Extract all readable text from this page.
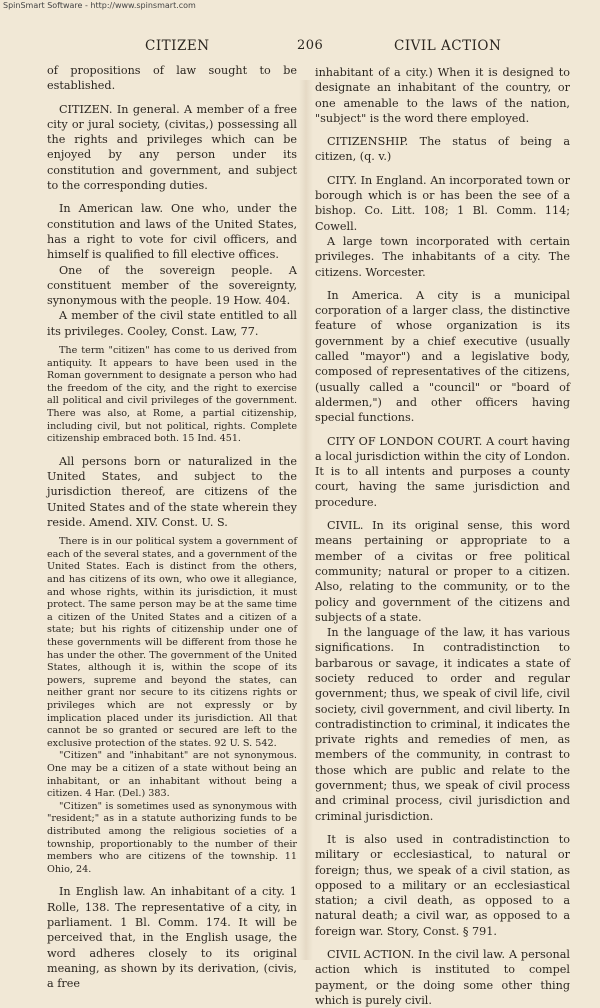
SpinSmart Software - http://www.spinsmart.com
CITIZEN	206	CIVIL ACTION

of propositions of law sought to be established.

CITIZEN. In general. A member of a free city or jural society, (civitas,) possessing all the rights and privileges which can be enjoyed by any person under its constitution and government, and subject to the corresponding duties.

In American law. One who, under the constitution and laws of the United States, has a right to vote for civil officers, and himself is qualified to fill elective offices.

One of the sovereign people. A constituent member of the sovereignty, synonymous with the people. 19 How. 404.

A member of the civil state entitled to all its privileges. Cooley, Const. Law, 77.

The term "citizen" has come to us derived from antiquity. It appears to have been used in the Roman government to designate a person who had the freedom of the city, and the right to exercise all political and civil privileges of the government. There was also, at Rome, a partial citizenship, including civil, but not political, rights. Complete citizenship embraced both. 15 Ind. 451.

All persons born or naturalized in the United States, and subject to the jurisdiction thereof, are citizens of the United States and of the state wherein they reside. Amend. XIV. Const. U. S.

There is in our political system a government of each of the several states, and a government of the United States. Each is distinct from the others, and has citizens of its own, who owe it allegiance, and whose rights, within its jurisdiction, it must protect. The same person may be at the same time a citizen of the United States and a citizen of a state; but his rights of citizenship under one of these governments will be different from those he has under the other. The government of the United States, although it is, within the scope of its powers, supreme and beyond the states, can neither grant nor secure to its citizens rights or privileges which are not expressly or by implication placed under its jurisdiction. All that cannot be so granted or secured are left to the exclusive protection of the states. 92 U. S. 542.

"Citizen" and "inhabitant" are not synonymous. One may be a citizen of a state without being an inhabitant, or an inhabitant without being a citizen. 4 Har. (Del.) 383.

"Citizen" is sometimes used as synonymous with "resident;" as in a statute authorizing funds to be distributed among the religious societies of a township, proportionably to the number of their members who are citizens of the township. 11 Ohio, 24.

In English law. An inhabitant of a city. 1 Rolle, 138. The representative of a city, in parliament. 1 Bl. Comm. 174. It will be perceived that, in the English usage, the word adheres closely to its original meaning, as shown by its derivation, (civis, a free

inhabitant of a city.) When it is designed to designate an inhabitant of the country, or one amenable to the laws of the nation, "subject" is the word there employed.

CITIZENSHIP. The status of being a citizen, (q. v.)

CITY. In England. An incorporated town or borough which is or has been the see of a bishop. Co. Litt. 108; 1 Bl. Comm. 114; Cowell.

A large town incorporated with certain privileges. The inhabitants of a city. The citizens. Worcester.

In America. A city is a municipal corporation of a larger class, the distinctive feature of whose organization is its government by a chief executive (usually called "mayor") and a legislative body, composed of representatives of the citizens, (usually called a "council" or "board of aldermen,") and other officers having special functions.

CITY OF LONDON COURT. A court having a local jurisdiction within the city of London. It is to all intents and purposes a county court, having the same jurisdiction and procedure.

CIVIL. In its original sense, this word means pertaining or appropriate to a member of a civitas or free political community; natural or proper to a citizen. Also, relating to the community, or to the policy and government of the citizens and subjects of a state.

In the language of the law, it has various significations. In contradistinction to barbarous or savage, it indicates a state of society reduced to order and regular government; thus, we speak of civil life, civil society, civil government, and civil liberty. In contradistinction to criminal, it indicates the private rights and remedies of men, as members of the community, in contrast to those which are public and relate to the government; thus, we speak of civil process and criminal process, civil jurisdiction and criminal jurisdiction.

It is also used in contradistinction to military or ecclesiastical, to natural or foreign; thus, we speak of a civil station, as opposed to a military or an ecclesiastical station; a civil death, as opposed to a natural death; a civil war, as opposed to a foreign war. Story, Const. § 791.

CIVIL ACTION. In the civil law. A personal action which is instituted to compel payment, or the doing some other thing which is purely civil.
